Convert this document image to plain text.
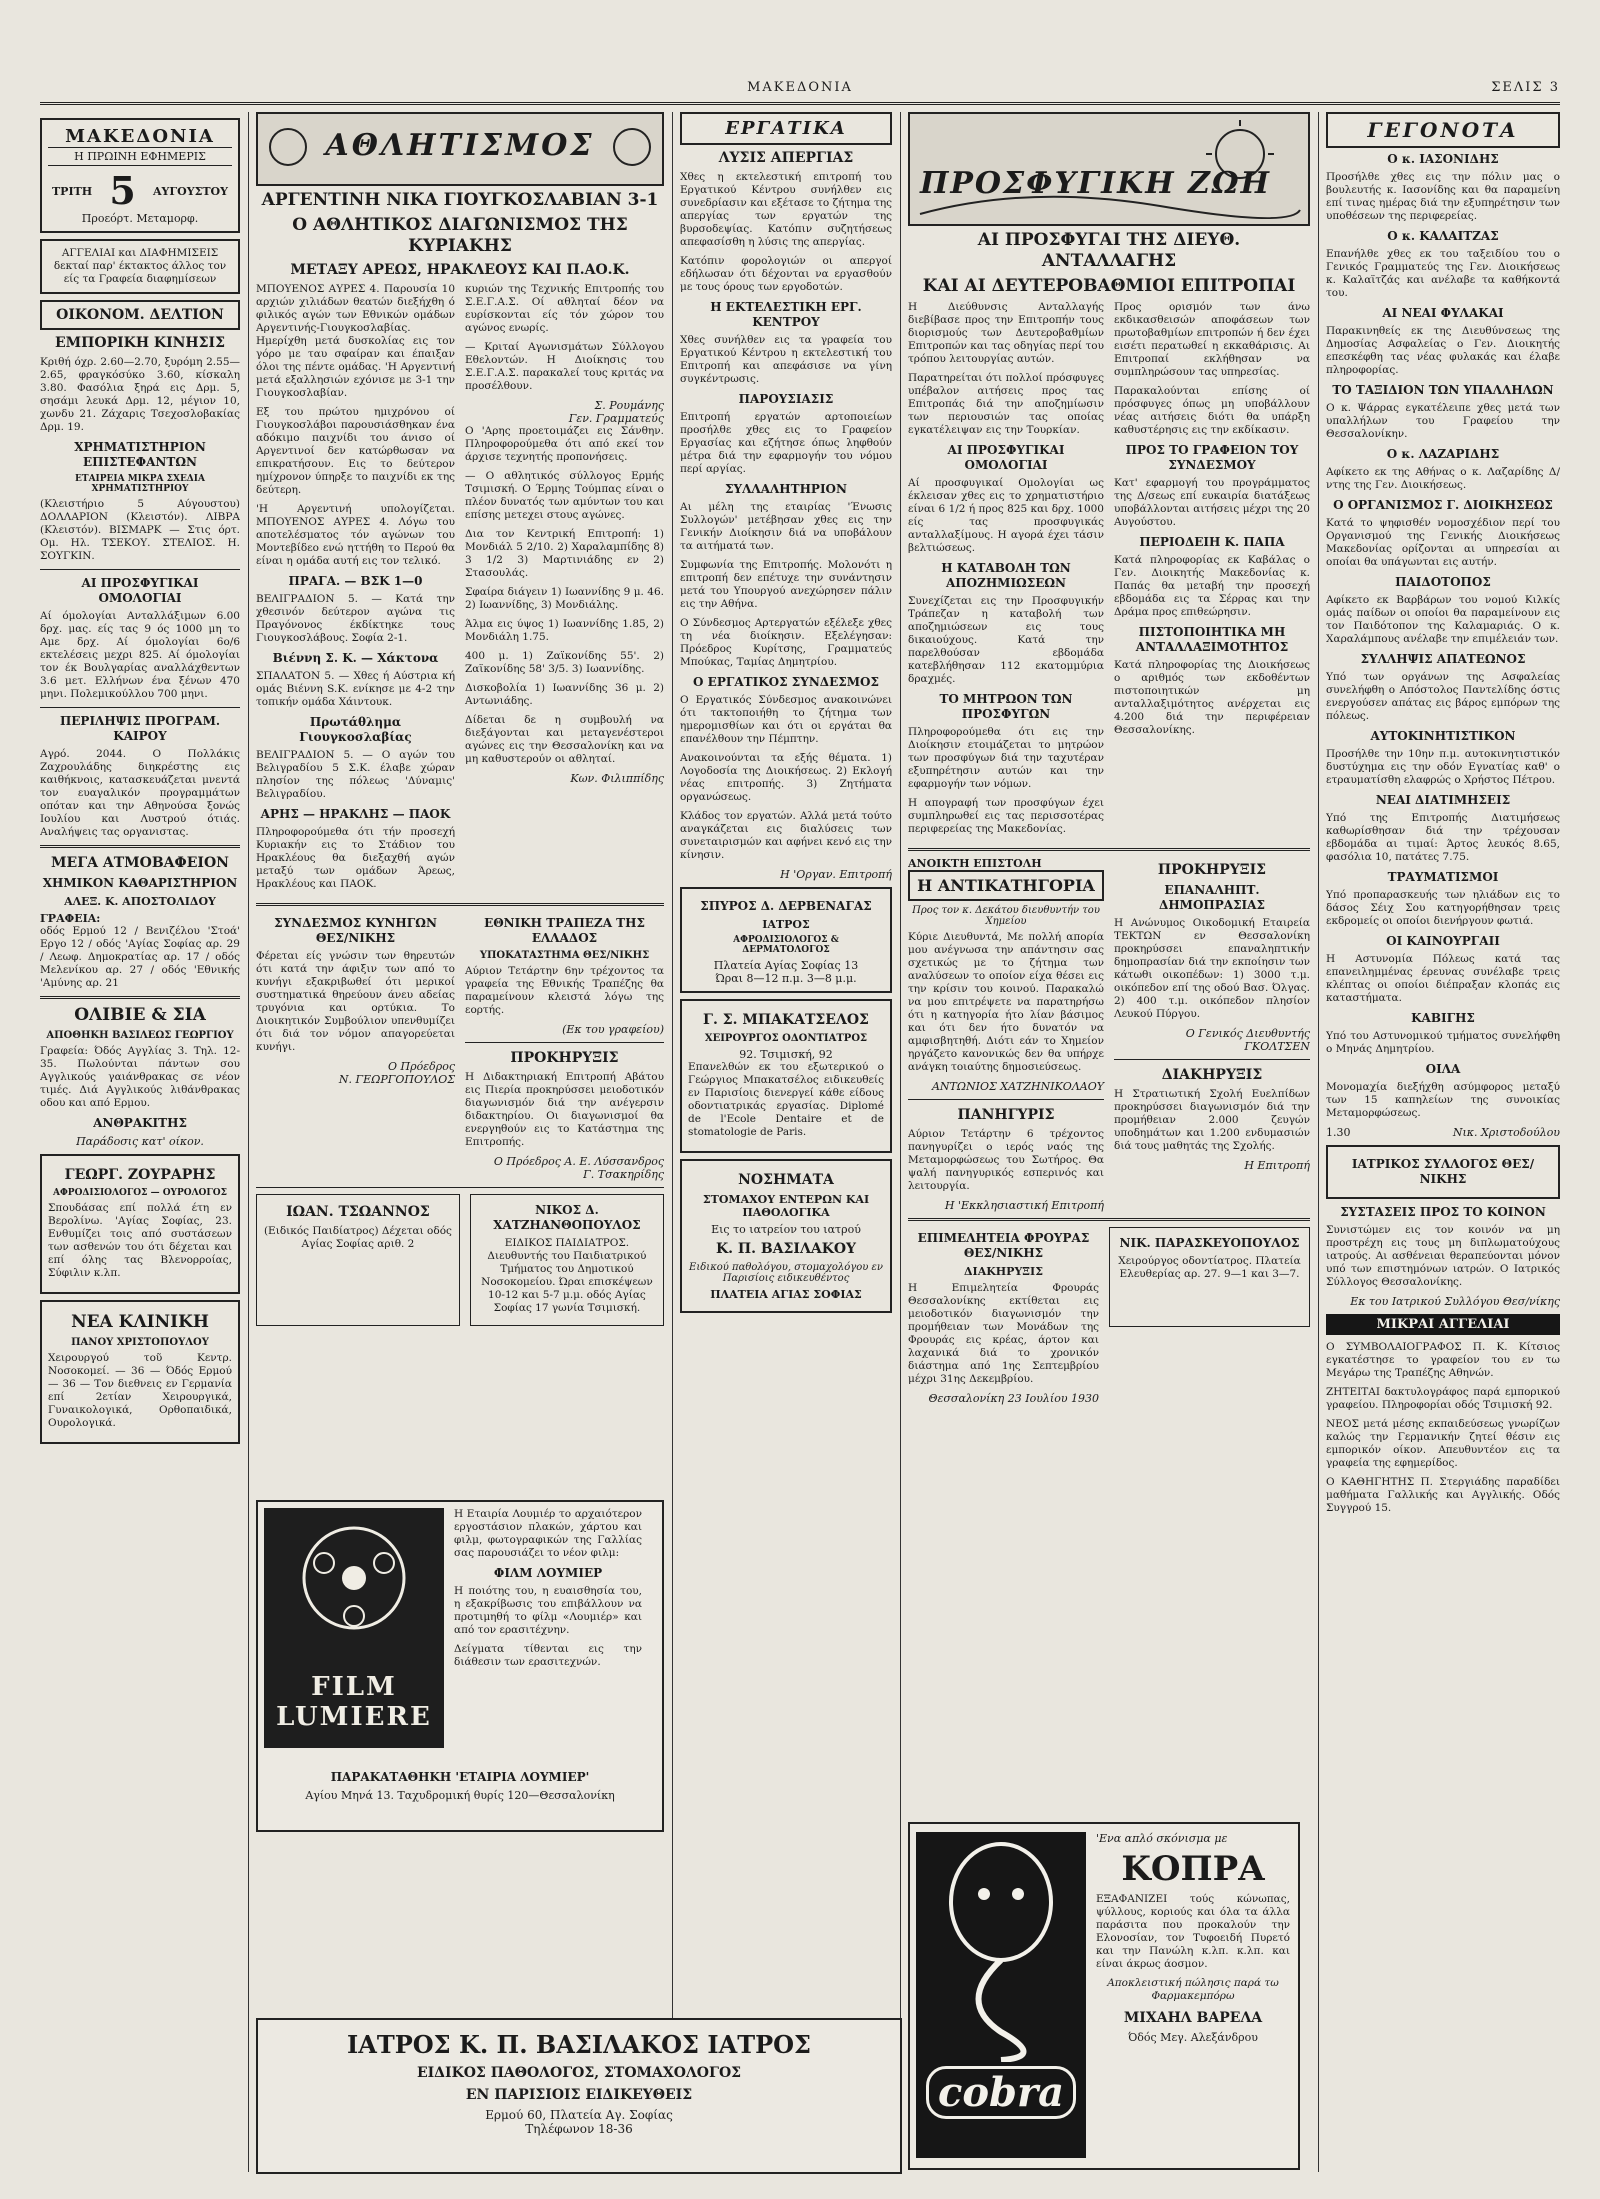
ΜΑΚΕΔΟΝΙΑ	ΣΕΛΙΣ 3
ΜΑΚΕΔΟΝΙΑ
Η ΠΡΩΙΝΗ ΕΦΗΜΕΡΙΣ
ΤΡΙΤΗ 5 ΑΥΓΟΥΣΤΟΥ
Προεόρτ. Μεταμορφ.
ΑΓΓΕΛΙΑΙ και ΔΙΑΦΗΜΙΣΕΙΣ δεκταί παρ' έκτακτος άλλος τον είς τα Γραφεία διαφημίσεων
ΟΙΚΟΝΟΜ. ΔΕΛΤΙΟΝ
ΕΜΠΟΡΙΚΗ ΚΙΝΗΣΙΣ

Κριθή όχρ. 2.60—2.70, ξυρόμη 2.55—2.65, φραγκόσύκο 3.60, κίσκαλη 3.80. Φασόλια ξηρά εις Δρμ. 5, σησάμι λευκά Δρμ. 12, μέγιον 10, χωνδυ 21. Ζάχαρις Τσεχοσλοβακίας Δρμ. 19.

ΧΡΗΜΑΤΙΣΤΗΡΙΟΝ ΕΠΙΣΤΕΦΑΝΤΩΝ
ΕΤΑΙΡΕΙΑ ΜΙΚΡΑ ΣΧΕΔΙΑ ΧΡΗΜΑΤΙΣΤΗΡΙΟΥ

(Κλειστήριο 5 Αύγουστου) ΔΟΛΛΑΡΙΟΝ (Κλειστόν). ΛΙΒΡΑ (Κλειστόν). ΒΙΣΜΑΡΚ — Στις όρτ. Ομ. Ηλ. ΤΣΕΚΟΥ. ΣΤΕΛΙΟΣ. Η. ΣΟΥΓΚΙΝ.

ΑΙ ΠΡΟΣΦΥΓΙΚΑΙ ΟΜΟΛΟΓΙΑΙ

Αί όμολογίαι Ανταλλάξιμων 6.00 δρχ. μας. είς τας 9 ός 1000 μη το Αμε δρχ. Αί όμολογίαι 6ο/6 εκτελέσεις μεχρι 825. Αί όμολογίαι τον έκ Βουλγαρίας αναλλάχθεντων 3.6 μετ. Ελλήνων ένα ξένων 470 μηνι. Πολεμικούλλου 700 μηνι.

ΠΕΡΙΛΗΨΙΣ ΠΡΟΓΡΑΜ. ΚΑΙΡΟΥ

Αγρό. 2044. Ο Πολλάκις Ζαχρουλάδης διηκρέστης εις καιθήκνοις, κατασκευάζεται μνεντά τον ευαγαλικόν προγραμμάτων οπόταν και την Αθηνούσα ξονώς Ιουλίου και Λυστρού ότιάς. Αναλήψεις τας οργανιστας.

ΜΕΓΑ ΑΤΜΟΒΑΦΕΙΟΝ
ΧΗΜΙΚΟΝ ΚΑΘΑΡΙΣΤΗΡΙΟΝ
ΑΛΕΞ. Κ. ΑΠΟΣΤΟΛΙΔΟΥ
ΓΡΑΦΕΙΑ:

οδός Ερμού 12 / Βενιζέλου 'Στοά' Εργο 12 / οδός 'Αγίας Σοφίας αρ. 29 / Λεωφ. Δημοκρατίας αρ. 17 / οδός Μελενίκου αρ. 27 / οδός 'Εθνικής 'Αμύνης αρ. 21

ΟΛΙΒΙΕ & ΣΙΑ
ΑΠΟΘΗΚΗ ΒΑΣΙΛΕΩΣ ΓΕΩΡΓΙΟΥ

Γραφεία: Όδός Αγγλίας 3. Τηλ. 12-35. Πωλούνται πάντων σου Αγγλικούς γαιάνθρακας σε νέον τιμές. Διά Αγγλικούς λιθάνθρακας οδου και από Ερμου.

ΑΝΘΡΑΚΙΤΗΣ
Παράδοσις κατ' οίκον.
ΓΕΩΡΓ. ΖΟΥΡΑΡΗΣ
ΑΦΡΟΔΙΣΙΟΛΟΓΟΣ — ΟΥΡΟΛΟΓΟΣ

Σπουδάσας επί πολλά έτη εν Βερολίνω. 'Αγίας Σοφίας, 23. Ενθυμίζει τοις από συστάσεων των ασθενών του ότι δέχεται και επί όλης τας Βλενορροίας, Σύφιλιν κ.λπ.

ΝΕΑ ΚΛΙΝΙΚΗ
ΠΑΝΟΥ ΧΡΙΣΤΟΠΟΥΛΟΥ

Χειρουργού τοῦ Κεντρ. Νοσοκομεί. — 36 — Όδός Ερμού — 36 — Τον διεθνεις εν Γερμανία επί 2ετίαν Χειρουργικά, Γυναικολογικά, Ορθοπαιδικά, Ουρολογικά.

ΑΘΛΗΤΙΣΜΟΣ
ΑΡΓΕΝΤΙΝΗ ΝΙΚΑ ΓΙΟΥΓΚΟΣΛΑΒΙΑΝ 3-1
Ο ΑΘΛΗΤΙΚΟΣ ΔΙΑΓΩΝΙΣΜΟΣ ΤΗΣ ΚΥΡΙΑΚΗΣ
ΜΕΤΑΞΥ ΑΡΕΩΣ, ΗΡΑΚΛΕΟΥΣ ΚΑΙ Π.ΑΟ.Κ.

ΜΠΟΥΕΝΟΣ ΑΥΡΕΣ 4. Παρουσία 10 αρχιών χιλιάδων θεατών διεξήχθη ό φιλικός αγών των Εθνικών ομάδων Αργεντινής-Γιουγκοσλαβίας. Ημερίχθη μετά δυσκολίας εις τον γόρο με ταυ σφαίραν και έπαιξαν όλοι της πέντε ομάδας. 'Η Αργεντινή μετά εξαλλησιών εχόνισε με 3-1 την Γιουγκοσλαβίαν.

Εξ του πρώτου ημιχρόνου οί Γιουγκοσλάβοι παρουσιάσθηκαν ένα αδόκιμο παιχνίδι του άνισο οί Αργεντινοί δεν κατώρθωσαν να επικρατήσουν. Εις το δεύτερον ημίχρονον ύπηρξε το παιχνίδι εκ της δεύτερη.

'Η Αργεντινή υπολογίζεται. ΜΠΟΥΕΝΟΣ ΑΥΡΕΣ 4. Λόγω του αποτελέσματος τόν αγώνων του Μοντεβίδεο ενώ ηττήθη το Περού θα είναι η ομάδα αυτή εις τον τελικό.

ΠΡΑΓΑ. — ΒΣΚ 1—0

ΒΕΛΙΓΡΑΔΙΟΝ 5. — Κατά την χθεσινόν δεύτερον αγώνα τις Πραγόνονος έκδίκτηκε τους Γιουγκοσλάβους. Σοφία 2-1.

Βιέννη Σ. Κ. — Χάκτονα

ΣΠΑΛΑΤΟΝ 5. — Χθες ή Αύστρια κή ομάς Βιέννη S.K. ενίκησε με 4-2 την τοπικήν ομάδα Χάιντουκ.

Πρωτάθλημα Γιουγκοσλαβίας

ΒΕΛΙΓΡΑΔΙΟΝ 5. — Ο αγών του Βελιγραδίου 5 Σ.Κ. έλαβε χώραν πλησίον της πόλεως 'Δύναμις' Βελιγραδίου.

ΑΡΗΣ — ΗΡΑΚΛΗΣ — ΠΑΟΚ

Πληροφορούμεθα ότι τήν προσεχή Κυριακήν εις το Στάδιον του Ηρακλέους θα διεξαχθή αγών μεταξύ των ομάδων Άρεως, Ηρακλέους και ΠΑΟΚ.

κυριών της Τεχνικής Επιτροπής του Σ.Ε.Γ.Α.Σ. Οί αθληταί δέον να ευρίσκονται είς τόν χώρον του αγώνος ενωρίς.

— Κριταί Αγωνισμάτων Σύλλογου Εθελοντών. Η Διοίκησις του Σ.Ε.Γ.Α.Σ. παρακαλεί τους κριτάς να προσέλθουν.

Σ. Ρουμάνης
Γεν. Γραμματεύς

Ο 'Αρης προετοιμάζει εις Σάνθην. Πληροφορούμεθα ότι από εκεί τον άρχισε τεχνητής προπονήσεις.

— Ο αθλητικός σύλλογος Ερμής Τσιμισκή. Ο Έρμης Τούμπας είναι ο πλέον δυνατός των αμύντων του και επίσης μετεχει στους αγώνες.

Δια τον Κεντρική Επιτροπή: 1) Μονδιάλ 5 2/10. 2) Χαραλαμπίδης 8) 3 1/2 3) Μαρτινιάδης εν 2) Στασουλάς.

Σφαίρα διάγειν 1) Ιωαννίδης 9 μ. 46. 2) Ιωαννίδης, 3) Μονδιάλης.

Άλμα εις ύψος 1) Ιωαννίδης 1.85, 2) Μονδιάλη 1.75.

400 μ. 1) Ζαϊκονίδης 55'. 2) Ζαϊκονίδης 58' 3/5. 3) Ιωαννίδης.

Δισκοβολία 1) Ιωαννίδης 36 μ. 2) Αντωνιάδης.

Δίδεται δε η συμβουλή να διεξάγονται και μεταγενέστεροι αγώνες εις την Θεσσαλονίκη και να μη καθυστερούν οι αθληταί.

Κων. Φιλιππίδης
ΣΥΝΔΕΣΜΟΣ ΚΥΝΗΓΩΝ ΘΕΣ/ΝΙΚΗΣ

Φέρεται είς γνώσιν των θηρευτών ότι κατά την άφιξιν των από το κυνήγι εξακριβωθεί ότι μερικοί συστηματικά θηρεύουν άνευ αδείας τρυγόνια και ορτύκια. Το Διοικητικόν Συμβούλιον υπενθυμίζει ότι διά τον νόμον απαγορεύεται κυνήγι.

Ο Πρόεδρος
Ν. ΓΕΩΡΓΟΠΟΥΛΟΣ
ΕΘΝΙΚΗ ΤΡΑΠΕΖΑ ΤΗΣ ΕΛΛΑΔΟΣ
ΥΠΟΚΑΤΑΣΤΗΜΑ ΘΕΣ/ΝΙΚΗΣ

Αύριον Τετάρτην 6ην τρέχοντος τα γραφεία της Εθνικής Τραπέζης θα παραμείνουν κλειστά λόγω της εορτής.

(Εκ του γραφείου)
ΠΡΟΚΗΡΥΞΙΣ

Η Διδακτηριακή Επιτροπή Αβάτου εις Πιερία προκηρύσσει μειοδοτικόν διαγωνισμόν διά την ανέγερσιν διδακτηρίου. Οι διαγωνισμοί θα ενεργηθούν εις το Κατάστημα της Επιτροπής.

Ο Πρόεδρος Α. Ε. Λύσσανδρος
Γ. Τσακηρίδης
ΙΩΑΝ. ΤΣΩΑΝΝΟΣ

(Ειδικός Παιδίατρος) Δέχεται οδός Αγίας Σοφίας αριθ. 2

ΝΙΚΟΣ Δ. ΧΑΤΖΗΑΝΘΟΠΟΥΛΟΣ

ΕΙΔΙΚΟΣ ΠΑΙΔΙΑΤΡΟΣ. Διευθυντής του Παιδιατρικού Τμήματος του Δημοτικού Νοσοκομείου. Ώραι επισκέψεων 10-12 και 5-7 μ.μ. οδός Αγίας Σοφίας 17 γωνία Τσιμισκή.

FILM LUMIERE

Η Εταιρία Λουμιέρ το αρχαιότερον εργοστάσιον πλακών, χάρτου και φιλμ, φωτογραφικών της Γαλλίας σας παρουσιάζει το νέον φιλμ:

ΦΙΛΜ ΛΟΥΜΙΕΡ

Η ποιότης του, η ευαισθησία του, η εξακρίβωσις του επιβάλλουν να προτιμηθή το φίλμ «Λουμιέρ» και από τον ερασιτέχνην.

Δείγματα τίθενται εις την διάθεσιν των ερασιτεχνών.

ΠΑΡΑΚΑΤΑΘΗΚΗ 'ΕΤΑΙΡΙΑ ΛΟΥΜΙΕΡ'
Αγίου Μηνά 13. Ταχυδρομική θυρίς 120—Θεσσαλονίκη
ΙΑΤΡΟΣ Κ. Π. ΒΑΣΙΛΑΚΟΣ ΙΑΤΡΟΣ
ΕΙΔΙΚΟΣ ΠΑΘΟΛΟΓΟΣ, ΣΤΟΜΑΧΟΛΟΓΟΣ
ΕΝ ΠΑΡΙΣΙΟΙΣ ΕΙΔΙΚΕΥΘΕΙΣ
Ερμού 60, Πλατεία Αγ. Σοφίας
Τηλέφωνον 18-36
ΕΡΓΑΤΙΚΑ
ΛΥΣΙΣ ΑΠΕΡΓΙΑΣ

Χθες η εκτελεστική επιτροπή του Εργατικού Κέντρου συνήλθεν εις συνεδρίασιν και εξέτασε το ζήτημα της απεργίας των εργατών της βυρσοδεψίας. Κατόπιν συζητήσεως απεφασίσθη η λύσις της απεργίας.

Κατόπιν φορολογιών οι απεργοί εδήλωσαν ότι δέχονται να εργασθούν με τους όρους των εργοδοτών.

Η ΕΚΤΕΛΕΣΤΙΚΗ ΕΡΓ. ΚΕΝΤΡΟΥ

Χθες συνήλθεν εις τα γραφεία του Εργατικού Κέντρου η εκτελεστική του Επιτροπή και απεφάσισε να γίνη συγκέντρωσις.

ΠΑΡΟΥΣΙΑΣΙΣ

Επιτροπή εργατών αρτοποιείων προσήλθε χθες εις το Γραφείον Εργασίας και εζήτησε όπως ληφθούν μέτρα διά την εφαρμογήν του νόμου περί αργίας.

ΣΥΛΛΑΛΗΤΗΡΙΟΝ

Αι μέλη της εταιρίας 'Ένωσις Συλλογών' μετέβησαν χθες εις την Γενικήν Διοίκησιν διά να υποβάλουν τα αιτήματά των.

Συμφωνία της Επιτροπής. Μολονότι η επιτροπή δεν επέτυχε την συνάντησιν μετά του Υπουργού ανεχώρησεν πάλιν εις την Αθήνα.

Ο Σύνδεσμος Αρτεργατών εξέλεξε χθες τη νέα διοίκησιν. Εξελέγησαν: Πρόεδρος Κυρίτσης, Γραμματεύς Μπούκας, Ταμίας Δημητρίου.

Ο ΕΡΓΑΤΙΚΟΣ ΣΥΝΔΕΣΜΟΣ

Ο Εργατικός Σύνδεσμος ανακοινώνει ότι τακτοποιήθη το ζήτημα των ημερομισθίων και ότι οι εργάται θα επανέλθουν την Πέμπτην.

Ανακοινούνται τα εξής θέματα. 1) Λογοδοσία της Διοικήσεως. 2) Εκλογή νέας επιτροπής. 3) Ζητήματα οργανώσεως.

Κλάδος τον εργατών. Αλλά μετά τούτο αναγκάζεται εις διαλύσεις των συνεταιρισμών και αφήνει κενό εις την κίνησιν.

Η 'Οργαν. Επιτροπή
ΣΠΥΡΟΣ Δ. ΔΕΡΒΕΝΑΓΑΣ
ΙΑΤΡΟΣ
ΑΦΡΟΔΙΣΙΟΛΟΓΟΣ & ΔΕΡΜΑΤΟΛΟΓΟΣ
Πλατεία Αγίας Σοφίας 13
Ώραι 8—12 π.μ. 3—8 μ.μ.
Γ. Σ. ΜΠΑΚΑΤΣΕΛΟΣ
ΧΕΙΡΟΥΡΓΟΣ ΟΔΟΝΤΙΑΤΡΟΣ
92. Τσιμισκή, 92

Επανελθών εκ του εξωτερικού ο Γεώργιος Μπακατσέλος ειδικευθείς εν Παρισίοις διενεργεί κάθε είδους οδοντιατρικάς εργασίας. Diplomé de l'Ecole Dentaire et de stomatologie de Paris.

ΝΟΣΗΜΑΤΑ
ΣΤΟΜΑΧΟΥ ΕΝΤΕΡΩΝ ΚΑΙ ΠΑΘΟΛΟΓΙΚΑ
Εις το ιατρείον του ιατρού
Κ. Π. ΒΑΣΙΛΑΚΟΥ
Ειδικού παθολόγου, στομαχολόγου εν Παρισίοις ειδικευθέντος
ΠΛΑΤΕΙΑ ΑΓΙΑΣ ΣΟΦΙΑΣ
ΠΡΟΣΦΥΓΙΚΗ ΖΩΗ
ΑΙ ΠΡΟΣΦΥΓΑΙ ΤΗΣ ΔΙΕΥΘ. ΑΝΤΑΛΛΑΓΗΣ
ΚΑΙ ΑΙ ΔΕΥΤΕΡΟΒΑΘΜΙΟΙ ΕΠΙΤΡΟΠΑΙ

Η Διεύθυνσις Ανταλλαγής διεβίβασε προς την Επιτροπήν τους διορισμούς των Δευτεροβαθμίων Επιτροπών και τας οδηγίας περί του τρόπου λειτουργίας αυτών.

Παρατηρείται ότι πολλοί πρόσφυγες υπέβαλον αιτήσεις προς τας Επιτροπάς διά την αποζημίωσιν των περιουσιών τας οποίας εγκατέλειψαν εις την Τουρκίαν.

ΑΙ ΠΡΟΣΦΥΓΙΚΑΙ ΟΜΟΛΟΓΙΑΙ

Αί προσφυγικαί Ομολογίαι ως έκλεισαν χθες εις το χρηματιστήριο είναι 6 1/2 ή προς 825 και δρχ. 1000 είς τας προσφυγικάς ανταλλαξίμους. Η αγορά έχει τάσιν βελτιώσεως.

Η ΚΑΤΑΒΟΛΗ ΤΩΝ ΑΠΟΖΗΜΙΩΣΕΩΝ

Συνεχίζεται εις την Προσφυγικήν Τράπεζαν η καταβολή των αποζημιώσεων εις τους δικαιούχους. Κατά την παρελθούσαν εβδομάδα κατεβλήθησαν 112 εκατομμύρια δραχμές.

ΤΟ ΜΗΤΡΩΟΝ ΤΩΝ ΠΡΟΣΦΥΓΩΝ

Πληροφορούμεθα ότι εις την Διοίκησιν ετοιμάζεται το μητρώον των προσφύγων διά την ταχυτέραν εξυπηρέτησιν αυτών και την εφαρμογήν των νόμων.

Η απογραφή των προσφύγων έχει συμπληρωθεί εις τας περισσοτέρας περιφερείας της Μακεδονίας.

Προς ορισμόν των άνω εκδικασθεισών αποφάσεων των πρωτοβαθμίων επιτροπών ή δεν έχει εισέτι περατωθεί η εκκαθάρισις. Αι Επιτροπαί εκλήθησαν να συμπληρώσουν τας υπηρεσίας.

Παρακαλούνται επίσης οί πρόσφυγες όπως μη υποβάλλουν νέας αιτήσεις διότι θα υπάρξη καθυστέρησις εις την εκδίκασιν.

ΠΡΟΣ ΤΟ ΓΡΑΦΕΙΟΝ ΤΟΥ ΣΥΝΔΕΣΜΟΥ

Κατ' εφαρμογή του προγράμματος της Δ/σεως επί ευκαιρία διατάξεως υποβάλλονται αιτήσεις μέχρι της 20 Αυγούστου.

ΠΕΡΙΟΔΕΙΗ Κ. ΠΑΠΑ

Κατά πληροφορίας εκ Καβάλας ο Γεν. Διοικητής Μακεδονίας κ. Παπάς θα μεταβή την προσεχή εβδομάδα εις τα Σέρρας και την Δράμα προς επιθεώρησιν.

ΠΙΣΤΟΠΟΙΗΤΙΚΑ ΜΗ ΑΝΤΑΛΛΑΞΙΜΟΤΗΤΟΣ

Κατά πληροφορίας της Διοικήσεως ο αριθμός των εκδοθέντων πιστοποιητικών μη ανταλλαξιμότητος ανέρχεται εις 4.200 διά την περιφέρειαν Θεσσαλονίκης.

ΑΝΟΙΚΤΗ ΕΠΙΣΤΟΛΗ
Η ΑΝΤΙΚΑΤΗΓΟΡΙΑ
Προς τον κ. Δεκάτου διευθυντήν του Χημείου

Κύριε Διευθυντά, Με πολλή απορία μου ανέγνωσα την απάντησιν σας σχετικώς με το ζήτημα των αναλύσεων το οποίον είχα θέσει εις την κρίσιν του κοινού. Παρακαλώ να μου επιτρέψετε να παρατηρήσω ότι η κατηγορία ήτο λίαν βάσιμος και ότι δεν ήτο δυνατόν να αμφισβητηθή. Διότι εάν το Χημείον ηργάζετο κανονικώς δεν θα υπήρχε ανάγκη τοιαύτης δημοσιεύσεως.

ΑΝΤΩΝΙΟΣ ΧΑΤΖΗΝΙΚΟΛΑΟΥ
ΠΑΝΗΓΥΡΙΣ

Αύριον Τετάρτην 6 τρέχοντος πανηγυρίζει ο ιερός ναός της Μεταμορφώσεως του Σωτήρος. Θα ψαλή πανηγυρικός εσπερινός και λειτουργία.

Η 'Εκκλησιαστική Επιτροπή
ΠΡΟΚΗΡΥΞΙΣ
ΕΠΑΝΑΛΗΠΤ. ΔΗΜΟΠΡΑΣΙΑΣ

Η Ανώνυμος Οικοδομική Εταιρεία ΤΕΚΤΩΝ εν Θεσσαλονίκη προκηρύσσει επαναληπτικήν δημοπρασίαν διά την εκποίησιν των κάτωθι οικοπέδων: 1) 3000 τ.μ. οικόπεδον επί της οδού Βασ. Όλγας. 2) 400 τ.μ. οικόπεδον πλησίον Λευκού Πύργου.

Ο Γενικός Διευθυντής
ΓΚΟΛΤΣΕΝ
ΔΙΑΚΗΡΥΞΙΣ

Η Στρατιωτική Σχολή Ευελπίδων προκηρύσσει διαγωνισμόν διά την προμήθειαν 2.000 ζευγών υποδημάτων και 1.200 ενδυμασιών διά τους μαθητάς της Σχολής.

Η Επιτροπή
ΕΠΙΜΕΛΗΤΕΙΑ ΦΡΟΥΡΑΣ ΘΕΣ/ΝΙΚΗΣ
ΔΙΑΚΗΡΥΞΙΣ

Η Επιμελητεία Φρουράς Θεσσαλονίκης εκτίθεται εις μειοδοτικόν διαγωνισμόν την προμήθειαν των Μονάδων της Φρουράς εις κρέας, άρτον και λαχανικά διά το χρονικόν διάστημα από 1ης Σεπτεμβρίου μέχρι 31ης Δεκεμβρίου.

Θεσσαλονίκη 23 Ιουλίου 1930
ΝΙΚ. ΠΑΡΑΣΚΕΥΟΠΟΥΛΟΣ

Χειρούργος οδοντίατρος. Πλατεία Ελευθερίας αρ. 27. 9—1 και 3—7.

cobra
'Ενα απλό σκόνισμα με
ΚΟΠΡΑ

ΕΞΑΦΑΝΙΖΕΙ τούς κώνωπας, ψύλλους, κοριούς και όλα τα άλλα παράσιτα που προκαλούν την Ελονοσίαν, τον Τυφοειδή Πυρετό και την Πανώλη κ.λπ. κ.λπ. και είναι άκρως άοσμον.

Αποκλειστική πώλησις παρά τω Φαρμακεμπόρω

ΜΙΧΑΗΛ ΒΑΡΕΛΑ
Όδός Μεγ. Αλεξάνδρου
ΓΕΓΟΝΟΤΑ
Ο κ. ΙΑΣΟΝΙΔΗΣ

Προσήλθε χθες εις την πόλιν μας ο βουλευτής κ. Ιασονίδης και θα παραμείνη επί τινας ημέρας διά την εξυπηρέτησιν των υποθέσεων της περιφερείας.

Ο κ. ΚΑΛΑΙΤΖΑΣ

Επανήλθε χθες εκ του ταξειδίου του ο Γενικός Γραμματεύς της Γεν. Διοικήσεως κ. Καλαϊτζάς και ανέλαβε τα καθήκοντά του.

ΑΙ ΝΕΑΙ ΦΥΛΑΚΑΙ

Παρακινηθείς εκ της Διευθύνσεως της Δημοσίας Ασφαλείας ο Γεν. Διοικητής επεσκέφθη τας νέας φυλακάς και έλαβε πληροφορίας.

ΤΟ ΤΑΞΙΔΙΟΝ ΤΩΝ ΥΠΑΛΛΗΛΩΝ

Ο κ. Ψάρρας εγκατέλειπε χθες μετά των υπαλλήλων του Γραφείου την Θεσσαλονίκην.

Ο κ. ΛΑΖΑΡΙΔΗΣ

Αφίκετο εκ της Αθήνας ο κ. Λαζαρίδης Δ/ντης της Γεν. Διοικήσεως.

Ο ΟΡΓΑΝΙΣΜΟΣ Γ. ΔΙΟΙΚΗΣΕΩΣ

Κατά το ψηφισθέν νομοσχέδιον περί του Οργανισμού της Γενικής Διοικήσεως Μακεδονίας ορίζονται αι υπηρεσίαι αι οποίαι θα υπάγωνται εις αυτήν.

ΠΑΙΔΟΤΟΠΟΣ

Αφίκετο εκ Βαρβάρων του νομού Κιλκίς ομάς παίδων οι οποίοι θα παραμείνουν εις τον Παιδότοπον της Καλαμαριάς. Ο κ. Χαραλάμπους ανέλαβε την επιμέλειάν των.

ΣΥΛΛΗΨΙΣ ΑΠΑΤΕΩΝΟΣ

Υπό των οργάνων της Ασφαλείας συνελήφθη ο Απόστολος Παντελίδης όστις ενεργούσεν απάτας εις βάρος εμπόρων της πόλεως.

ΑΥΤΟΚΙΝΗΤΙΣΤΙΚΟΝ

Προσήλθε την 10ην π.μ. αυτοκινητιστικόν δυστύχημα εις την οδόν Εγνατίας καθ' ο ετραυματίσθη ελαφρώς ο Χρήστος Πέτρου.

ΝΕΑΙ ΔΙΑΤΙΜΗΣΕΙΣ

Υπό της Επιτροπής Διατιμήσεως καθωρίσθησαν διά την τρέχουσαν εβδομάδα αι τιμαί: Άρτος λευκός 8.65, φασόλια 10, πατάτες 7.75.

ΤΡΑΥΜΑΤΙΣΜΟΙ

Υπό προπαρασκευής των ηλιάδων εις το δάσος Σέιχ Σου κατηγορήθησαν τρεις εκδρομείς οι οποίοι διενήργουν φωτιά.

ΟΙ ΚΑΙΝΟΥΡΓΑΙΙ

Η Αστυνομία Πόλεως κατά τας επανειλημμένας έρευνας συνέλαβε τρεις κλέπτας οι οποίοι διέπραξαν κλοπάς εις καταστήματα.

ΚΑΒΙΓΗΣ

Υπό του Αστυνομικού τμήματος συνελήφθη ο Μηνάς Δημητρίου.

ΟΙΛΑ

Μονομαχία διεξήχθη ασύμφορος μεταξύ των 15 καπηλείων της συνοικίας Μεταμορφώσεως.

1.30	Νικ. Χριστοδούλου
ΙΑΤΡΙΚΟΣ ΣΥΛΛΟΓΟΣ ΘΕΣ/ΝΙΚΗΣ
ΣΥΣΤΑΣΕΙΣ ΠΡΟΣ ΤΟ ΚΟΙΝΟΝ

Συνιστώμεν εις τον κοινόν να μη προστρέχη εις τους μη διπλωματούχους ιατρούς. Αι ασθένειαι θεραπεύονται μόνον υπό των επιστημόνων ιατρών. Ο Ιατρικός Σύλλογος Θεσσαλονίκης.

Εκ του Ιατρικού Συλλόγου Θεσ/νίκης
ΜΙΚΡΑΙ ΑΓΓΕΛΙΑΙ

Ο ΣΥΜΒΟΛΑΙΟΓΡΑΦΟΣ Π. Κ. Κίτσιος εγκατέστησε το γραφείον του εν τω Μεγάρω της Τραπέζης Αθηνών.

ΖΗΤΕΙΤΑΙ δακτυλογράφος παρά εμπορικού γραφείου. Πληροφορίαι οδός Τσιμισκή 92.

ΝΕΟΣ μετά μέσης εκπαιδεύσεως γνωρίζων καλώς την Γερμανικήν ζητεί θέσιν εις εμπορικόν οίκον. Απευθυντέον εις τα γραφεία της εφημερίδος.

Ο ΚΑΘΗΓΗΤΗΣ Π. Στεργιάδης παραδίδει μαθήματα Γαλλικής και Αγγλικής. Οδός Συγγρού 15.
